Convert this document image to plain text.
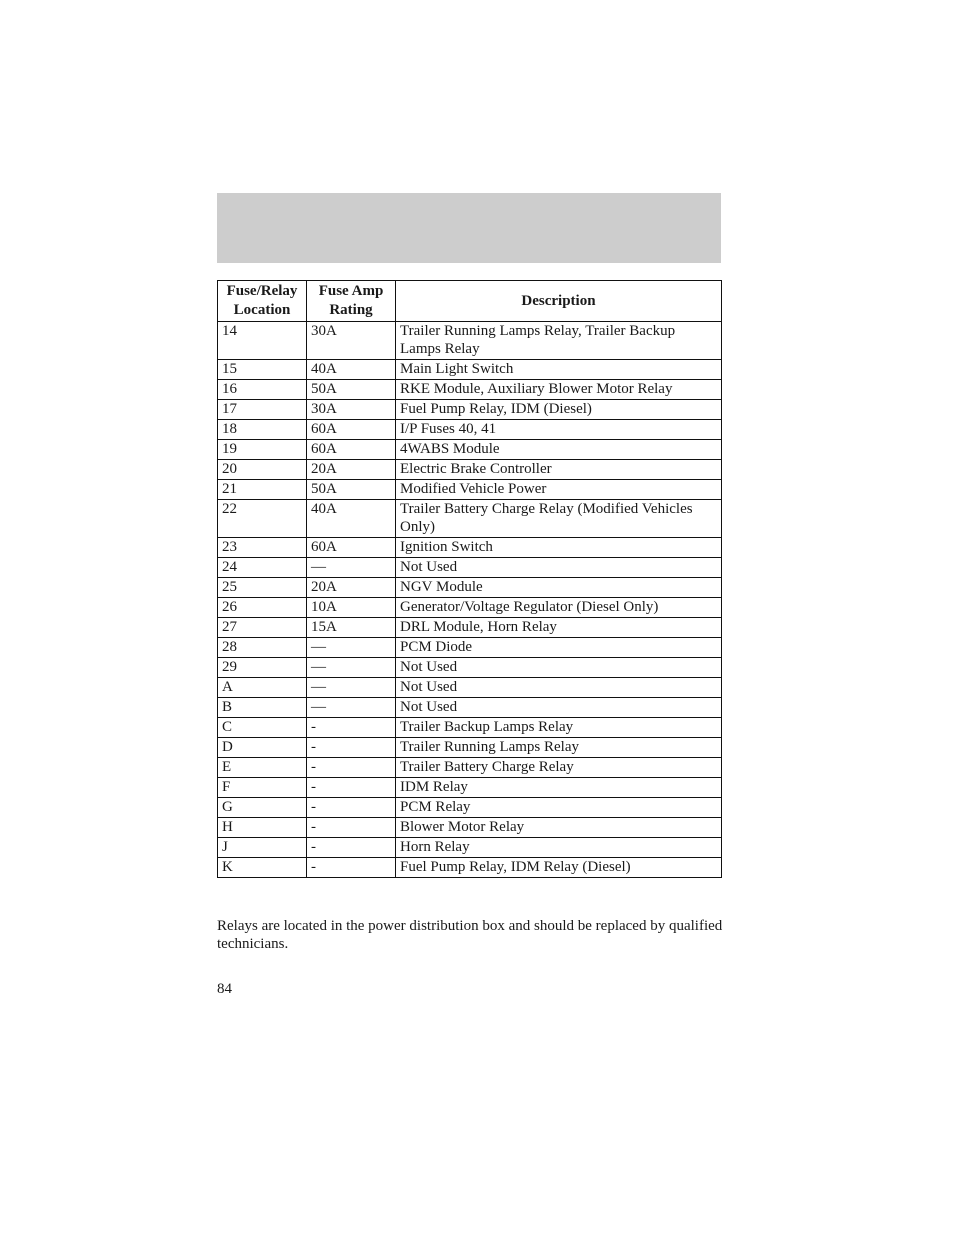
Fuse/Relay Location	Fuse Amp Rating	Description
14	30A	Trailer Running Lamps Relay, Trailer Backup Lamps Relay
15	40A	Main Light Switch
16	50A	RKE Module, Auxiliary Blower Motor Relay
17	30A	Fuel Pump Relay, IDM (Diesel)
18	60A	I/P Fuses 40, 41
19	60A	4WABS Module
20	20A	Electric Brake Controller
21	50A	Modified Vehicle Power
22	40A	Trailer Battery Charge Relay (Modified Vehicles Only)
23	60A	Ignition Switch
24	—	Not Used
25	20A	NGV Module
26	10A	Generator/Voltage Regulator (Diesel Only)
27	15A	DRL Module, Horn Relay
28	—	PCM Diode
29	—	Not Used
A	—	Not Used
B	—	Not Used
C	-	Trailer Backup Lamps Relay
D	-	Trailer Running Lamps Relay
E	-	Trailer Battery Charge Relay
F	-	IDM Relay
G	-	PCM Relay
H	-	Blower Motor Relay
J	-	Horn Relay
K	-	Fuel Pump Relay, IDM Relay (Diesel)
Relays are located in the power distribution box and should be replaced by qualified technicians.
84
